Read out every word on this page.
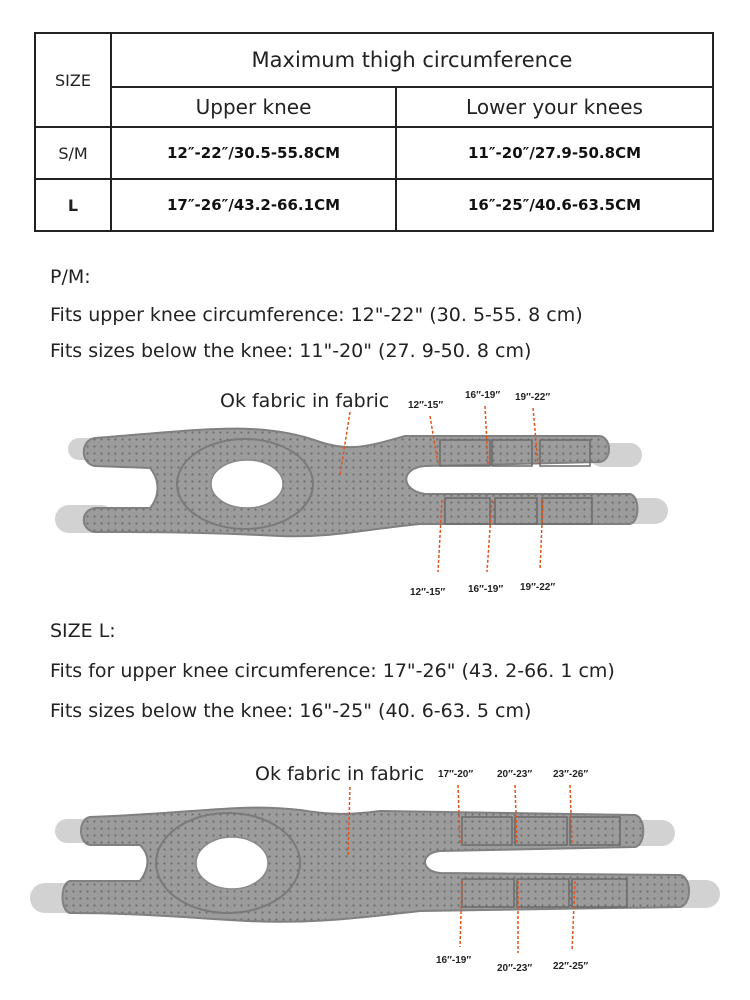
SIZE	Maximum thigh circumference	
	Upper knee	Lower your knees
S/M	12″-22″/30.5-55.8CM	11″-20″/27.9-50.8CM
L	17″-26″/43.2-66.1CM	16″-25″/40.6-63.5CM
P/M:
Fits upper knee circumference: 12"-22" (30. 5-55. 8 cm)
Fits sizes below the knee: 11"-20" (27. 9-50. 8 cm)
Ok fabric in fabric 12″-15″
16″-19″ 19″-22″
12″-15″ 16″-19″ 19″-22″
SIZE L:
Fits for upper knee circumference: 17"-26" (43. 2-66. 1 cm)
Fits sizes below the knee: 16"-25" (40. 6-63. 5 cm)
Ok fabric in fabric 17″-20″ 20″-23″ 23″-26″
16″-19″
20″-23″ 22″-25″
